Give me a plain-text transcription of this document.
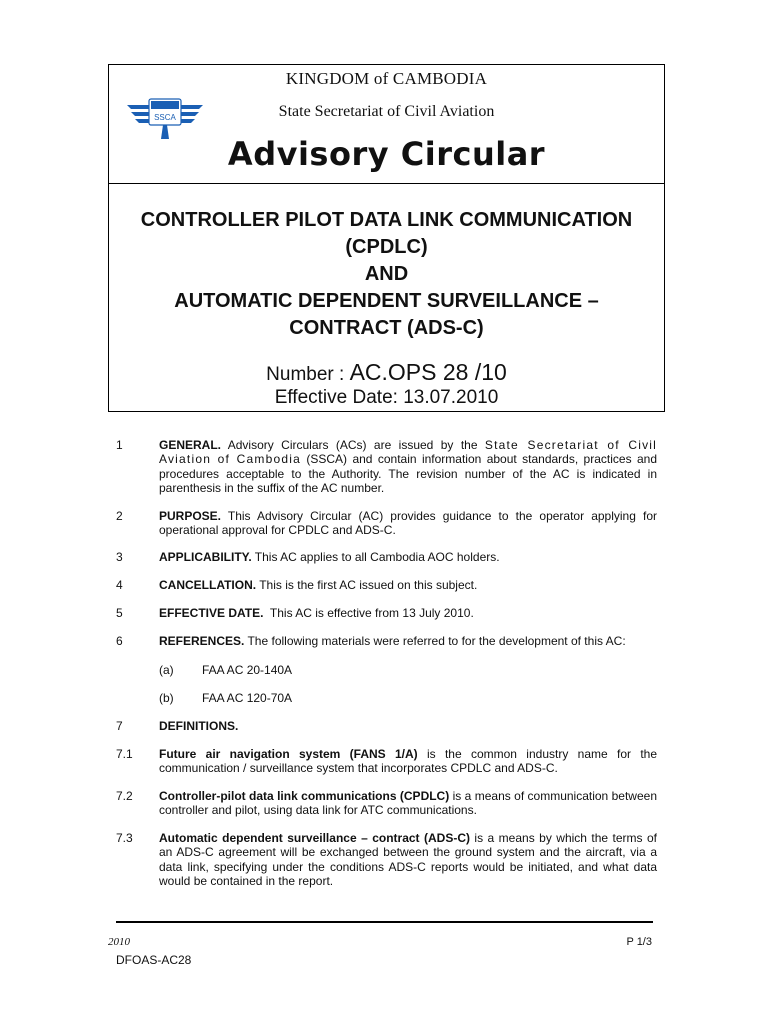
SSCA
KINGDOM of CAMBODIA
State Secretariat of Civil Aviation
Advisory Circular
CONTROLLER PILOT DATA LINK COMMUNICATION
(CPDLC)
AND
AUTOMATIC DEPENDENT SURVEILLANCE –
CONTRACT (ADS-C)
Number : AC.OPS 28 /10
Effective Date: 13.07.2010
1	GENERAL. Advisory Circulars (ACs) are issued by the State Secretariat of Civil Aviation of Cambodia (SSCA) and contain information about standards, practices and procedures acceptable to the Authority. The revision number of the AC is indicated in parenthesis in the suffix of the AC number.
2	PURPOSE. This Advisory Circular (AC) provides guidance to the operator applying for operational approval for CPDLC and ADS-C.
3	APPLICABILITY. This AC applies to all Cambodia AOC holders.
4	CANCELLATION. This is the first AC issued on this subject.
5	EFFECTIVE DATE.  This AC is effective from 13 July 2010.
6	REFERENCES. The following materials were referred to for the development of this AC:
(a) FAA AC 20-140A
(b) FAA AC 120-70A
7	DEFINITIONS.
7.1 Future air navigation system (FANS 1/A) is the common industry name for the communication / surveillance system that incorporates CPDLC and ADS-C.
7.2 Controller-pilot data link communications (CPDLC) is a means of communication between controller and pilot, using data link for ATC communications.
7.3 Automatic dependent surveillance – contract (ADS-C) is a means by which the terms of an ADS-C agreement will be exchanged between the ground system and the aircraft, via a data link, specifying under the conditions ADS-C reports would be initiated, and what data would be contained in the report.
2010	P 1/3
DFOAS-AC28
